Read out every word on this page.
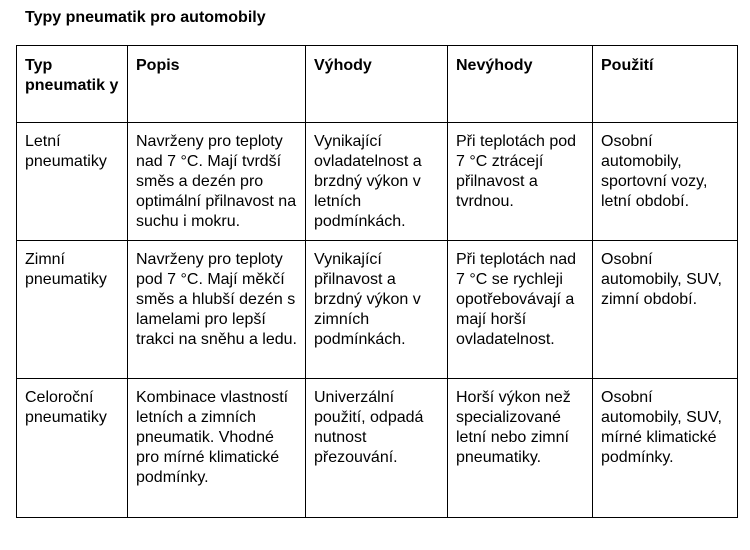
Typy pneumatik pro automobily
Typ pneumatik y	Popis	Výhody	Nevýhody	Použití
Letní pneumatiky	Navrženy pro teploty nad 7 °C. Mají tvrdší směs a dezén pro optimální přilnavost na suchu i mokru.	Vynikající ovladatelnost a brzdný výkon v letních podmínkách.	Při teplotách pod 7 °C ztrácejí přilnavost a tvrdnou.	Osobní automobily, sportovní vozy, letní období.
Zimní pneumatiky	Navrženy pro teploty pod 7 °C. Mají měkčí směs a hlubší dezén s lamelami pro lepší trakci na sněhu a ledu.	Vynikající přilnavost a brzdný výkon v zimních podmínkách.	Při teplotách nad 7 °C se rychleji opotřebovávají a mají horší ovladatelnost.	Osobní automobily, SUV, zimní období.
Celoroční pneumatiky	Kombinace vlastností letních a zimních pneumatik. Vhodné pro mírné klimatické podmínky.	Univerzální použití, odpadá nutnost přezouvání.	Horší výkon než specializované letní nebo zimní pneumatiky.	Osobní automobily, SUV, mírné klimatické podmínky.
